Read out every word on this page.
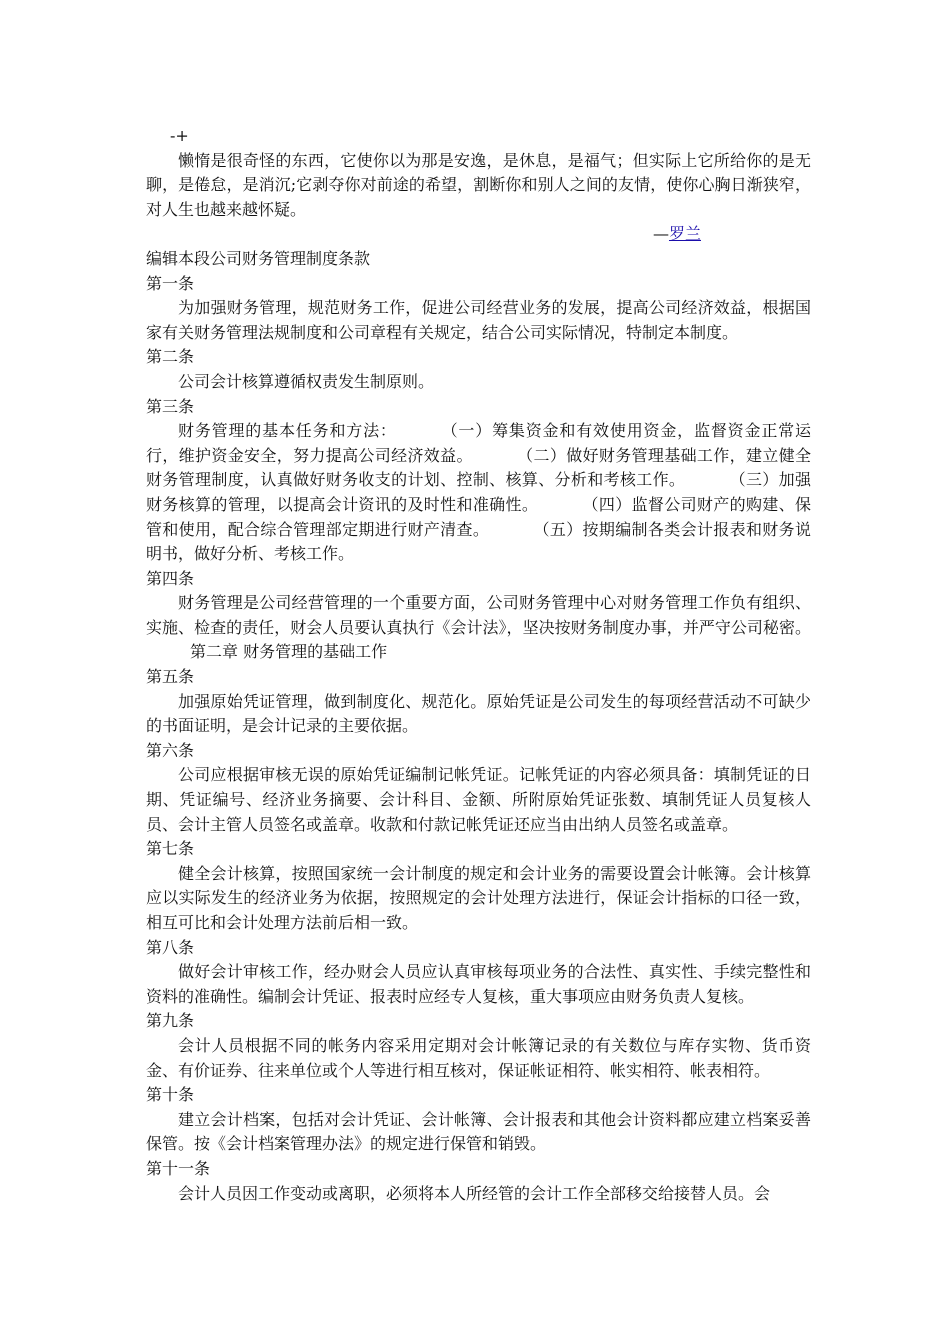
-+

懒惰是很奇怪的东西，它使你以为那是安逸，是休息，是福气；但实际上它所给你的是无聊，是倦怠，是消沉;它剥夺你对前途的希望，割断你和别人之间的友情，使你心胸日渐狭窄，对人生也越来越怀疑。

—罗兰

编辑本段公司财务管理制度条款

第一条

为加强财务管理，规范财务工作，促进公司经营业务的发展，提高公司经济效益，根据国家有关财务管理法规制度和公司章程有关规定，结合公司实际情况，特制定本制度。

第二条

公司会计核算遵循权责发生制原则。

第三条

财务管理的基本任务和方法：	（一）筹集资金和有效使用资金，监督资金正常运行，维护资金安全，努力提高公司经济效益。	（二）做好财务管理基础工作，建立健全财务管理制度，认真做好财务收支的计划、控制、核算、分析和考核工作。	（三）加强财务核算的管理，以提高会计资讯的及时性和准确性。	（四）监督公司财产的购建、保管和使用，配合综合管理部定期进行财产清查。	（五）按期编制各类会计报表和财务说明书，做好分析、考核工作。

第四条

财务管理是公司经营管理的一个重要方面，公司财务管理中心对财务管理工作负有组织、实施、检查的责任，财会人员要认真执行《会计法》，坚决按财务制度办事，并严守公司秘密。第二章 财务管理的基础工作

第五条

加强原始凭证管理，做到制度化、规范化。原始凭证是公司发生的每项经营活动不可缺少的书面证明，是会计记录的主要依据。

第六条

公司应根据审核无误的原始凭证编制记帐凭证。记帐凭证的内容必须具备：填制凭证的日期、凭证编号、经济业务摘要、会计科目、金额、所附原始凭证张数、填制凭证人员复核人员、会计主管人员签名或盖章。收款和付款记帐凭证还应当由出纳人员签名或盖章。

第七条

健全会计核算，按照国家统一会计制度的规定和会计业务的需要设置会计帐簿。会计核算应以实际发生的经济业务为依据，按照规定的会计处理方法进行，保证会计指标的口径一致，相互可比和会计处理方法前后相一致。

第八条

做好会计审核工作，经办财会人员应认真审核每项业务的合法性、真实性、手续完整性和资料的准确性。编制会计凭证、报表时应经专人复核，重大事项应由财务负责人复核。

第九条

会计人员根据不同的帐务内容采用定期对会计帐簿记录的有关数位与库存实物、货币资金、有价证券、往来单位或个人等进行相互核对，保证帐证相符、帐实相符、帐表相符。

第十条

建立会计档案，包括对会计凭证、会计帐簿、会计报表和其他会计资料都应建立档案妥善保管。按《会计档案管理办法》的规定进行保管和销毁。

第十一条

会计人员因工作变动或离职，必须将本人所经管的会计工作全部移交给接替人员。会
